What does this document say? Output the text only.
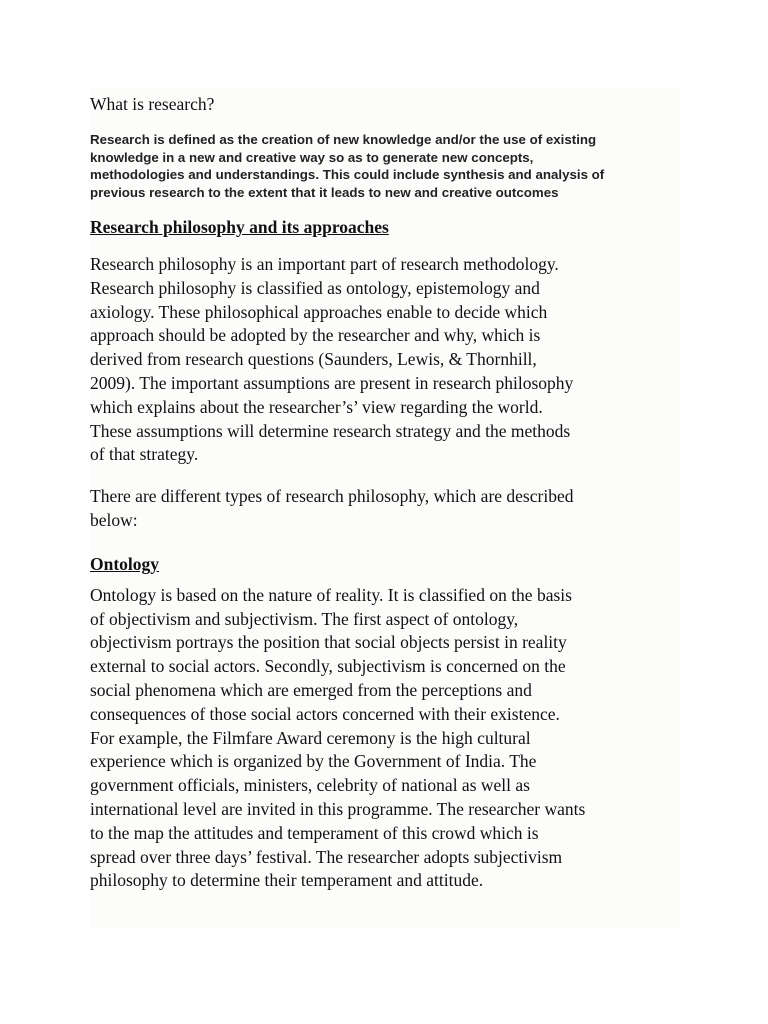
What is research?

Research is defined as the creation of new knowledge and/or the use of existing
knowledge in a new and creative way so as to generate new concepts,
methodologies and understandings. This could include synthesis and analysis of
previous research to the extent that it leads to new and creative outcomes

Research philosophy and its approaches

Research philosophy is an important part of research methodology.
Research philosophy is classified as ontology, epistemology and
axiology. These philosophical approaches enable to decide which
approach should be adopted by the researcher and why, which is
derived from research questions (Saunders, Lewis, & Thornhill,
2009). The important assumptions are present in research philosophy
which explains about the researcher’s’ view regarding the world.
These assumptions will determine research strategy and the methods
of that strategy.

There are different types of research philosophy, which are described
below:

Ontology

Ontology is based on the nature of reality. It is classified on the basis
of objectivism and subjectivism. The first aspect of ontology,
objectivism portrays the position that social objects persist in reality
external to social actors. Secondly, subjectivism is concerned on the
social phenomena which are emerged from the perceptions and
consequences of those social actors concerned with their existence.
For example, the Filmfare Award ceremony is the high cultural
experience which is organized by the Government of India. The
government officials, ministers, celebrity of national as well as
international level are invited in this programme. The researcher wants
to the map the attitudes and temperament of this crowd which is
spread over three days’ festival. The researcher adopts subjectivism
philosophy to determine their temperament and attitude.
